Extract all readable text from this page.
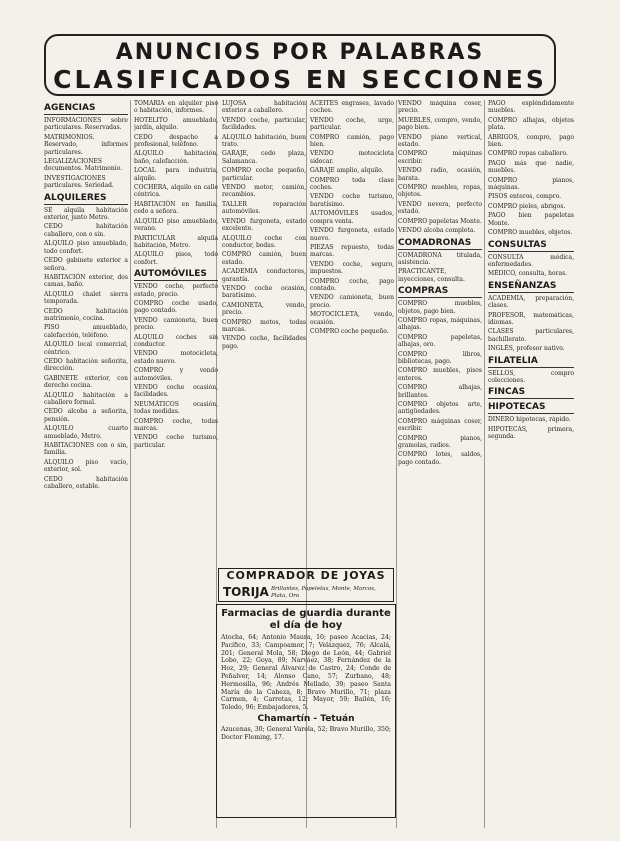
ANUNCIOS POR PALABRAS
CLASIFICADOS EN SECCIONES
AGENCIAS
INFORMACIONES sobre particulares. Reservadas.
MATRIMONIOS. Reservado, informes particulares.
LEGALIZACIONES documentos. Matrimonio.
INVESTIGACIONES particulares. Seriedad.
ALQUILERES
SE alquila habitación exterior, junto Metro.
CEDO habitación caballero, con o sin.
ALQUILO piso amueblado, todo confort.
CEDO gabinete exterior a señora.
HABITACIÓN exterior, dos camas, baño.
ALQUILO chalet sierra temporada.
CEDO habitación matrimonio, cocina.
PISO amueblado, calefacción, teléfono.
ALQUILO local comercial, céntrico.
CEDO habitación señorita, dirección.
GABINETE exterior, con derecho cocina.
ALQUILO habitación a caballero formal.
CEDO alcoba a señorita, pensión.
ALQUILO cuarto amueblado, Metro.
HABITACIONES con o sin, familia.
ALQUILO piso vacío, exterior, sol.
CEDO habitación caballero, estable.
TOMARÍA en alquiler piso o habitación, informes.
HOTELITO amueblado, jardín, alquilo.
CEDO despacho a profesional, teléfono.
ALQUILO habitación, baño, calefacción.
LOCAL para industria, alquilo.
COCHERA, alquilo en calle céntrica.
HABITACIÓN en familia, cedo a señora.
ALQUILO piso amueblado, verano.
PARTICULAR alquila habitación, Metro.
ALQUILO pisos, todo confort.
AUTOMÓVILES
VENDO coche, perfecto estado, precio.
COMPRO coche usado, pago contado.
VENDO camioneta, buen precio.
ALQUILO coches sin conductor.
VENDO motocicleta, estado nuevo.
COMPRO y vendo automóviles.
VENDO coche ocasión, facilidades.
NEUMÁTICOS ocasión, todas medidas.
COMPRO coche, todas marcas.
VENDO coche turismo, particular.
LUJOSA habitación exterior a caballero.
VENDO coche, particular, facilidades.
ALQUILO habitación, buen trato.
GARAJE, cedo plaza, Salamanca.
COMPRO coche pequeño, particular.
VENDO motor, camión, recambios.
TALLER reparación automóviles.
VENDO furgoneta, estado excelente.
ALQUILO coche con conductor, bodas.
COMPRO camión, buen estado.
ACADEMIA conductores, garantía.
VENDO coche ocasión, baratísimo.
CAMIONETA, vendo, precio.
COMPRO motos, todas marcas.
VENDO coche, facilidades pago.
ACEITES engrases, lavado coches.
VENDO coche, urge, particular.
COMPRO camión, pago bien.
VENDO motocicleta sidecar.
GARAJE amplio, alquilo.
COMPRO toda clase coches.
VENDO coche turismo, baratísimo.
AUTOMÓVILES usados, compra venta.
VENDO furgoneta, estado nuevo.
PIEZAS repuesto, todas marcas.
VENDO coche, seguro, impuestos.
COMPRO coche, pago contado.
VENDO camioneta, buen precio.
MOTOCICLETA, vendo, ocasión.
COMPRO coche pequeño.
VENDO máquina coser, precio.
MUEBLES, compro, vendo, pago bien.
VENDO piano vertical, estado.
COMPRO máquinas escribir.
VENDO radio, ocasión, barata.
COMPRO muebles, ropas, objetos.
VENDO nevera, perfecto estado.
COMPRO papeletas Monte.
VENDO alcoba completa.
COMADRONAS
COMADRONA titulada, asistencia.
PRACTICANTE, inyecciones, consulta.
COMPRAS
COMPRO muebles, objetos, pago bien.
COMPRO ropas, máquinas, alhajas.
COMPRO papeletas, alhajas, oro.
COMPRO libros, bibliotecas, pago.
COMPRO muebles, pisos enteros.
COMPRO alhajas, brillantes.
COMPRO objetos arte, antigüedades.
COMPRO máquinas coser, escribir.
COMPRO pianos, gramolas, radios.
COMPRO lotes, saldos, pago contado.
PAGO espléndidamente muebles.
COMPRO alhajas, objetos plata.
ABRIGOS, compro, pago bien.
COMPRO ropas caballero.
PAGO más que nadie, muebles.
COMPRO pianos, máquinas.
PISOS enteros, compro.
COMPRO pieles, abrigos.
PAGO bien papeletas Monte.
COMPRO muebles, objetos.
CONSULTAS
CONSULTA médica, enfermedades.
MÉDICO, consulta, horas.
ENSEÑANZAS
ACADEMIA, preparación, clases.
PROFESOR, matemáticas, idiomas.
CLASES particulares, bachillerato.
INGLÉS, profesor nativo.
FILATELIA
SELLOS, compro colecciones.
FINCAS
HIPOTECAS
DINERO hipotecas, rápido.
HIPOTECAS, primera, segunda.
COMPRADOR DE JOYAS
TORIJA Brillantes, Papeletas, Monte, Marcos, Plata, Oro
Farmacias de guardia durante el día de hoy
Atocha, 64; Antonio Maura, 10; paseo Acacias, 24; Pacífico, 33; Campoamor, 7; Velázquez, 76; Alcalá, 201; General Mola, 58; Diego de León, 44; Gabriel Lobo, 22; Goya, 89; Narváez, 38; Fernández de la Hoz, 29; General Álvarez de Castro, 24; Conde de Peñalver, 14; Alonso Cano, 57; Zurbano, 48; Hermosilla, 96; Andrés Mellado, 39; paseo Santa María de la Cabeza, 8; Bravo Murillo, 71; plaza Carmen, 4; Carretas, 12; Mayor, 59; Bailén, 16; Toledo, 96; Embajadores, 5.
Chamartín - Tetuán
Azucenas, 30; General Varela, 52; Bravo Murillo, 350; Doctor Fleming, 17.
